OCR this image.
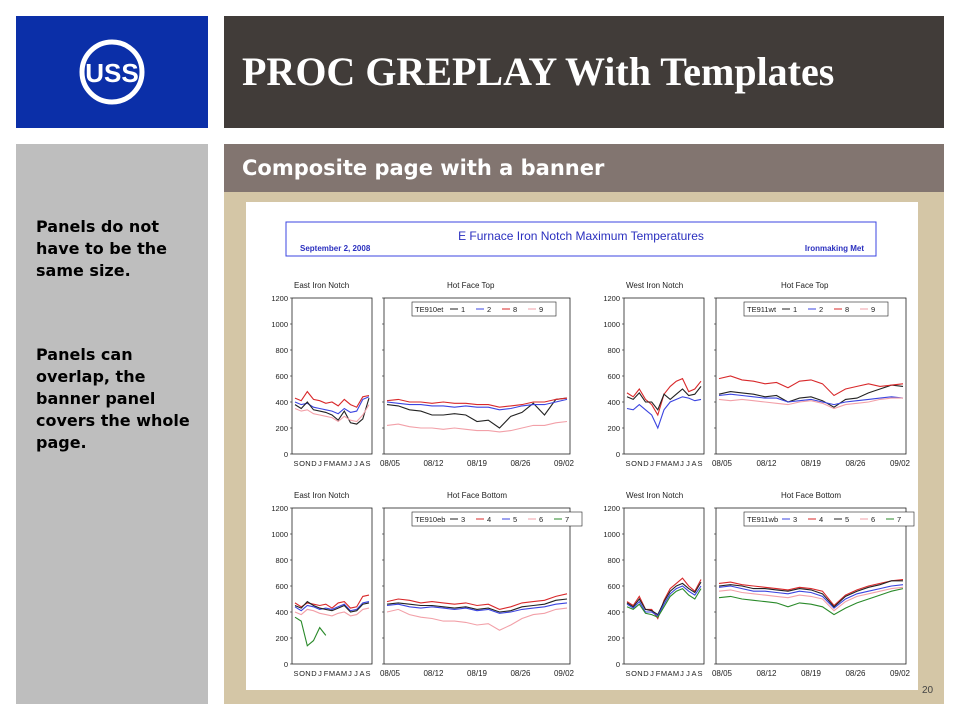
USS	PROC GREPLAY With Templates
Panels do not have to be the same size.
Panels can overlap, the banner panel covers the whole page.
Composite page with a banner
E Furnace Iron Notch Maximum Temperatures
September 2, 2008	Ironmaking Met
East Iron Notch
0
200
400
600
800
1000
1200
S O N D J F M A M J J A S
Hot Face Top
08/05	08/12	08/19	08/26	09/02
TE910et 1	2	8	9
West Iron Notch
0
200
400
600
800
1000
1200
S O N D J F M A M J J A S
Hot Face Top
08/05	08/12	08/19	08/26	09/02
TE911wt 1	2	8	9
East Iron Notch
0
200
400
600
800
1000
1200
S O N D J F M A M J J A S
Hot Face Bottom
08/05	08/12	08/19	08/26	09/02
TE910eb 3	4	5	6	7
West Iron Notch
0
200
400
600
800
1000
1200
S O N D J F M A M J J A S
Hot Face Bottom
08/05	08/12	08/19	08/26	09/02
TE911wb 3	4	5	6	7
20
